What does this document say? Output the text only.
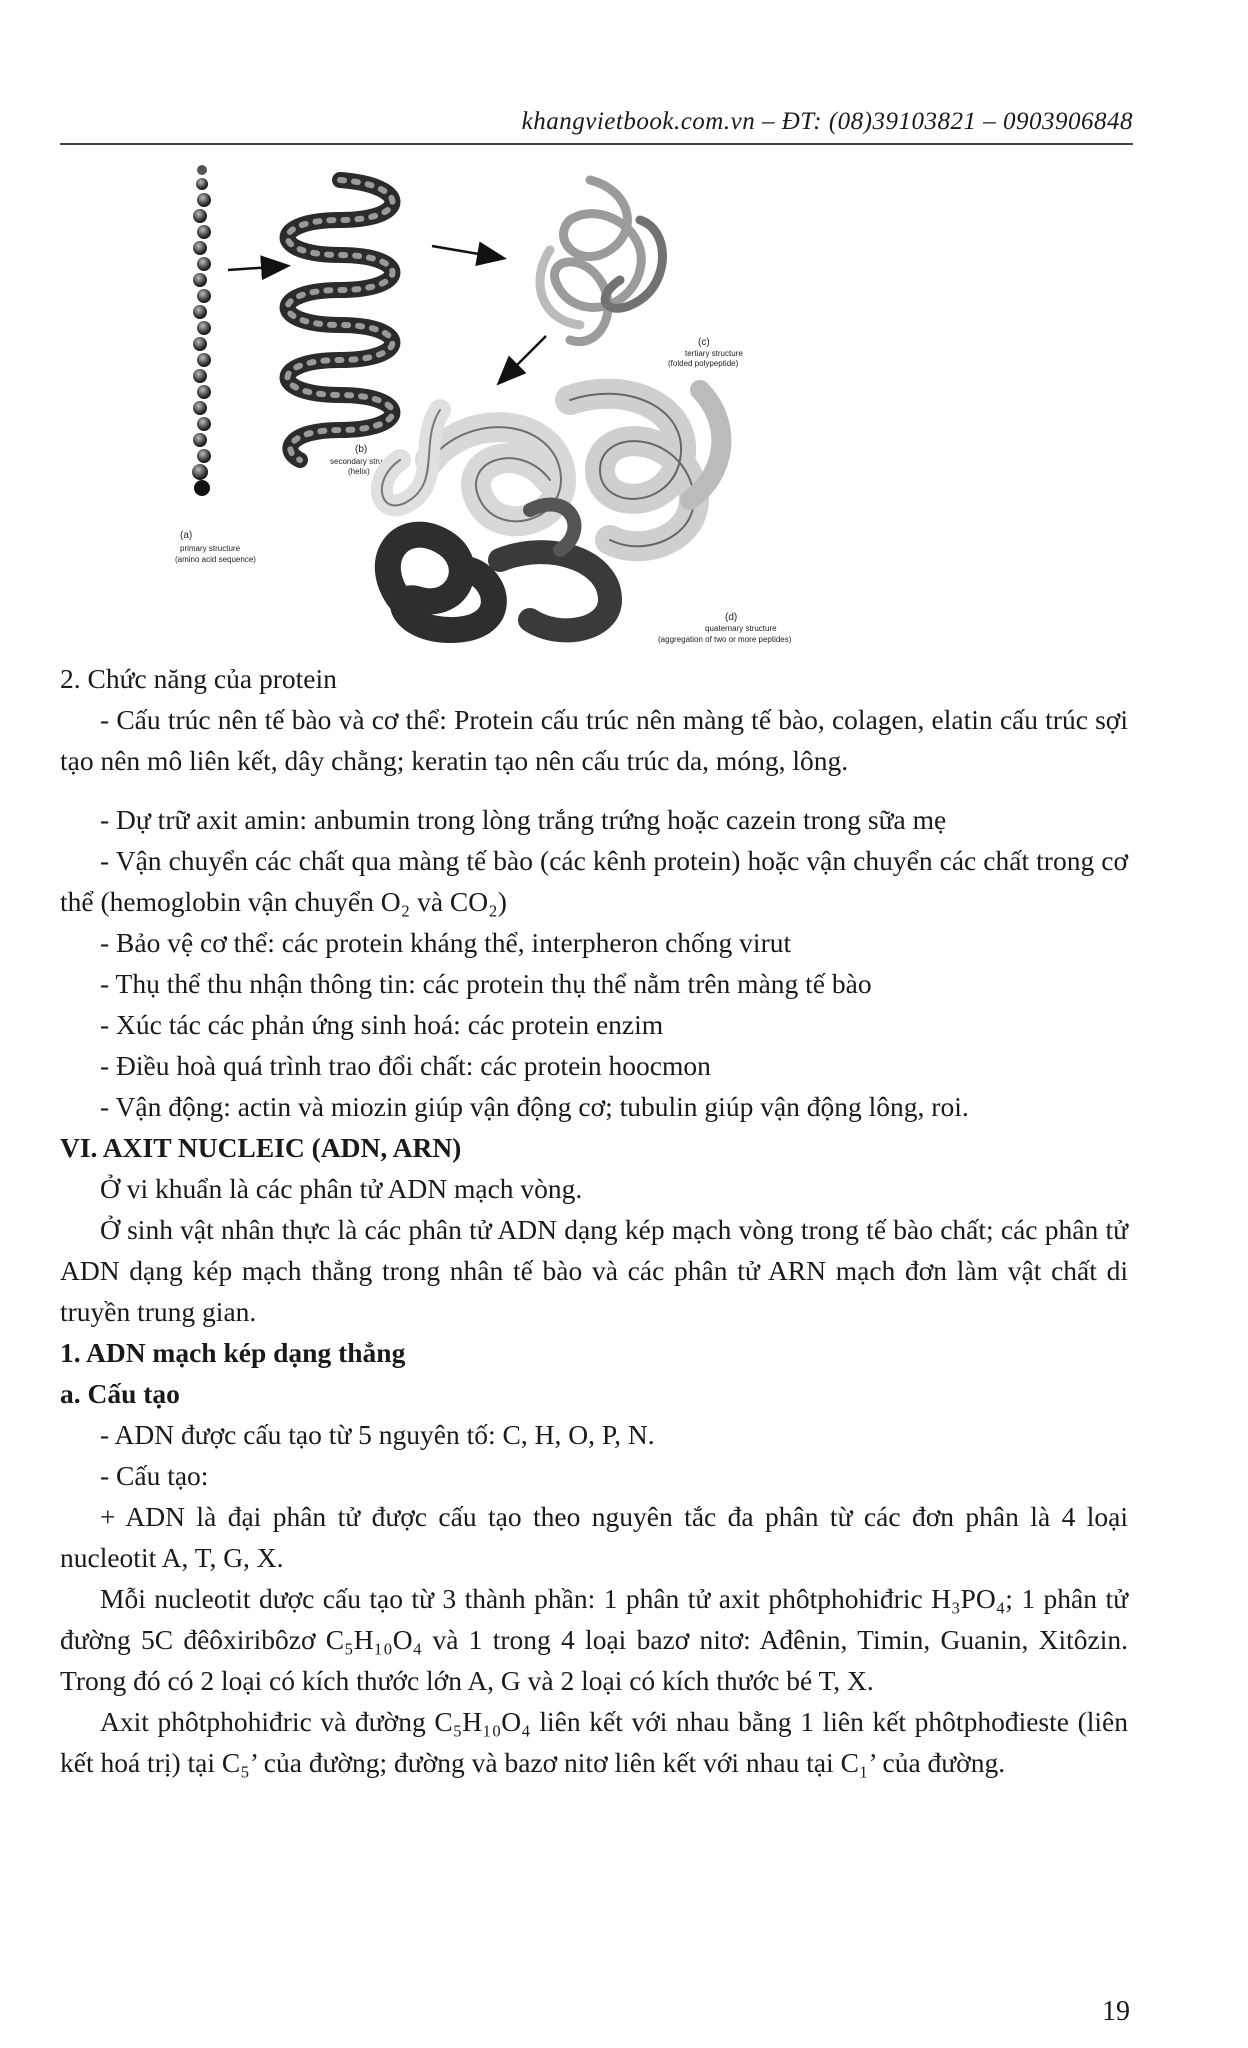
khangvietbook.com.vn – ĐT: (08)39103821 – 0903906848
(a)
primary structure
(amino acid sequence)
(b)
secondary structure
(helix)
(c)
tertiary structure
(folded polypeptide)
(d)
quaternary structure
(aggregation of two or more peptides)

2. Chức năng của protein

- Cấu trúc nên tế bào và cơ thể: Protein cấu trúc nên màng tế bào, colagen, elatin cấu trúc sợi tạo nên mô liên kết, dây chằng; keratin tạo nên cấu trúc da, móng, lông.

- Dự trữ axit amin: anbumin trong lòng trắng trứng hoặc cazein trong sữa mẹ

- Vận chuyển các chất qua màng tế bào (các kênh protein) hoặc vận chuyển các chất trong cơ thể (hemoglobin vận chuyển O₂ và CO₂)

- Bảo vệ cơ thể: các protein kháng thể, interpheron chống virut

- Thụ thể thu nhận thông tin: các protein thụ thể nằm trên màng tế bào

- Xúc tác các phản ứng sinh hoá: các protein enzim

- Điều hoà quá trình trao đổi chất: các protein hoocmon

- Vận động: actin và miozin giúp vận động cơ; tubulin giúp vận động lông, roi.

VI. AXIT NUCLEIC (ADN, ARN)

Ở vi khuẩn là các phân tử ADN mạch vòng.

Ở sinh vật nhân thực là các phân tử ADN dạng kép mạch vòng trong tế bào chất; các phân tử ADN dạng kép mạch thẳng trong nhân tế bào và các phân tử ARN mạch đơn làm vật chất di truyền trung gian.

1. ADN mạch kép dạng thẳng

a. Cấu tạo

- ADN được cấu tạo từ 5 nguyên tố: C, H, O, P, N.

- Cấu tạo:

+ ADN là đại phân tử được cấu tạo theo nguyên tắc đa phân từ các đơn phân là 4 loại nucleotit A, T, G, X.

Mỗi nucleotit dược cấu tạo từ 3 thành phần: 1 phân tử axit phôtphohiđric H₃PO₄; 1 phân tử đường 5C đêôxiribôzơ C₅H₁₀O₄ và 1 trong 4 loại bazơ nitơ: Ađênin, Timin, Guanin, Xitôzin. Trong đó có 2 loại có kích thước lớn A, G và 2 loại có kích thước bé T, X.

Axit phôtphohiđric và đường C₅H₁₀O₄ liên kết với nhau bằng 1 liên kết phôtphođieste (liên kết hoá trị) tại C₅’ của đường; đường và bazơ nitơ liên kết với nhau tại C₁’ của đường.

19
